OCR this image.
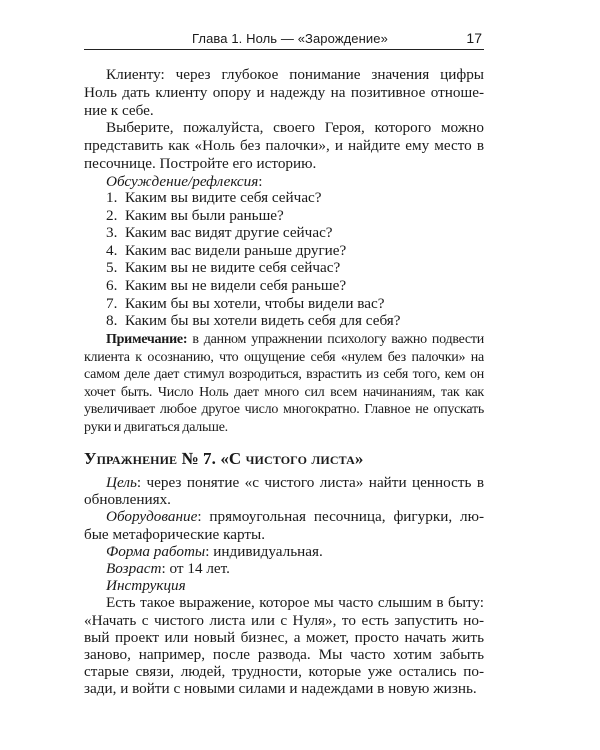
Глава 1. Ноль — «Зарождение»	17

Клиенту: через глубокое понимание значения цифры Ноль дать клиенту опору и надежду на позитивное отношение к себе.

Выберите, пожалуйста, своего Героя, которого можно представить как «Ноль без палочки», и найдите ему место в песочнице. Постройте его историю.

Обсуждение/рефлексия:

1. Каким вы видите себя сейчас?
2. Каким вы были раньше?
3. Каким вас видят другие сейчас?
4. Каким вас видели раньше другие?
5. Каким вы не видите себя сейчас?
6. Каким вы не видели себя раньше?
7. Каким бы вы хотели, чтобы видели вас?
8. Каким бы вы хотели видеть себя для себя?

Примечание: в данном упражнении психологу важно подвести клиента к осознанию, что ощущение себя «нулем без палочки» на самом деле дает стимул возродиться, взрастить из себя того, кем он хочет быть. Число Ноль дает много сил всем начинаниям, так как увеличивает любое другое число многократно. Главное не опускать руки и двигаться дальше.

Упражнение № 7. «С чистого листа»

Цель: через понятие «с чистого листа» найти ценность в обновлениях.

Оборудование: прямоугольная песочница, фигурки, любые метафорические карты.

Форма работы: индивидуальная.

Возраст: от 14 лет.

Инструкция

Есть такое выражение, которое мы часто слышим в быту: «Начать с чистого листа или с Нуля», то есть запустить новый проект или новый бизнес, а может, просто начать жить заново, например, после развода. Мы часто хотим забыть старые связи, людей, трудности, которые уже остались позади, и войти с новыми силами и надеждами в новую жизнь.
